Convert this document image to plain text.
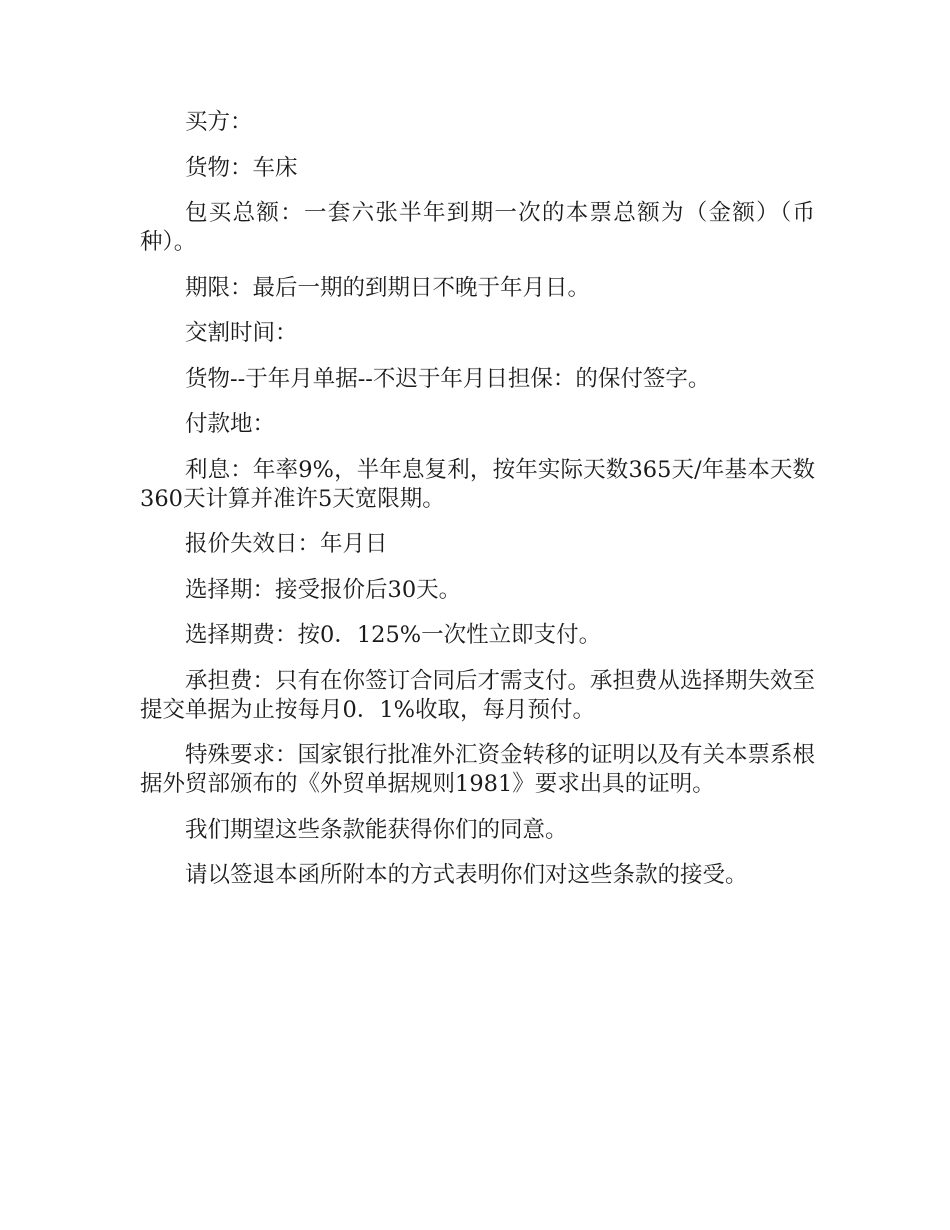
买方：

货物：车床

包买总额：一套六张半年到期一次的本票总额为（金额）（币种）。

期限：最后一期的到期日不晚于年月日。

交割时间：

货物--于年月单据--不迟于年月日担保：的保付签字。

付款地：

利息：年率9%，半年息复利，按年实际天数365天/年基本天数360天计算并准许5天宽限期。

报价失效日：年月日

选择期：接受报价后30天。

选择期费：按0．125%一次性立即支付。

承担费：只有在你签订合同后才需支付。承担费从选择期失效至提交单据为止按每月0．1%收取，每月预付。

特殊要求：国家银行批准外汇资金转移的证明以及有关本票系根据外贸部颁布的《外贸单据规则1981》要求出具的证明。

我们期望这些条款能获得你们的同意。

请以签退本函所附本的方式表明你们对这些条款的接受。
